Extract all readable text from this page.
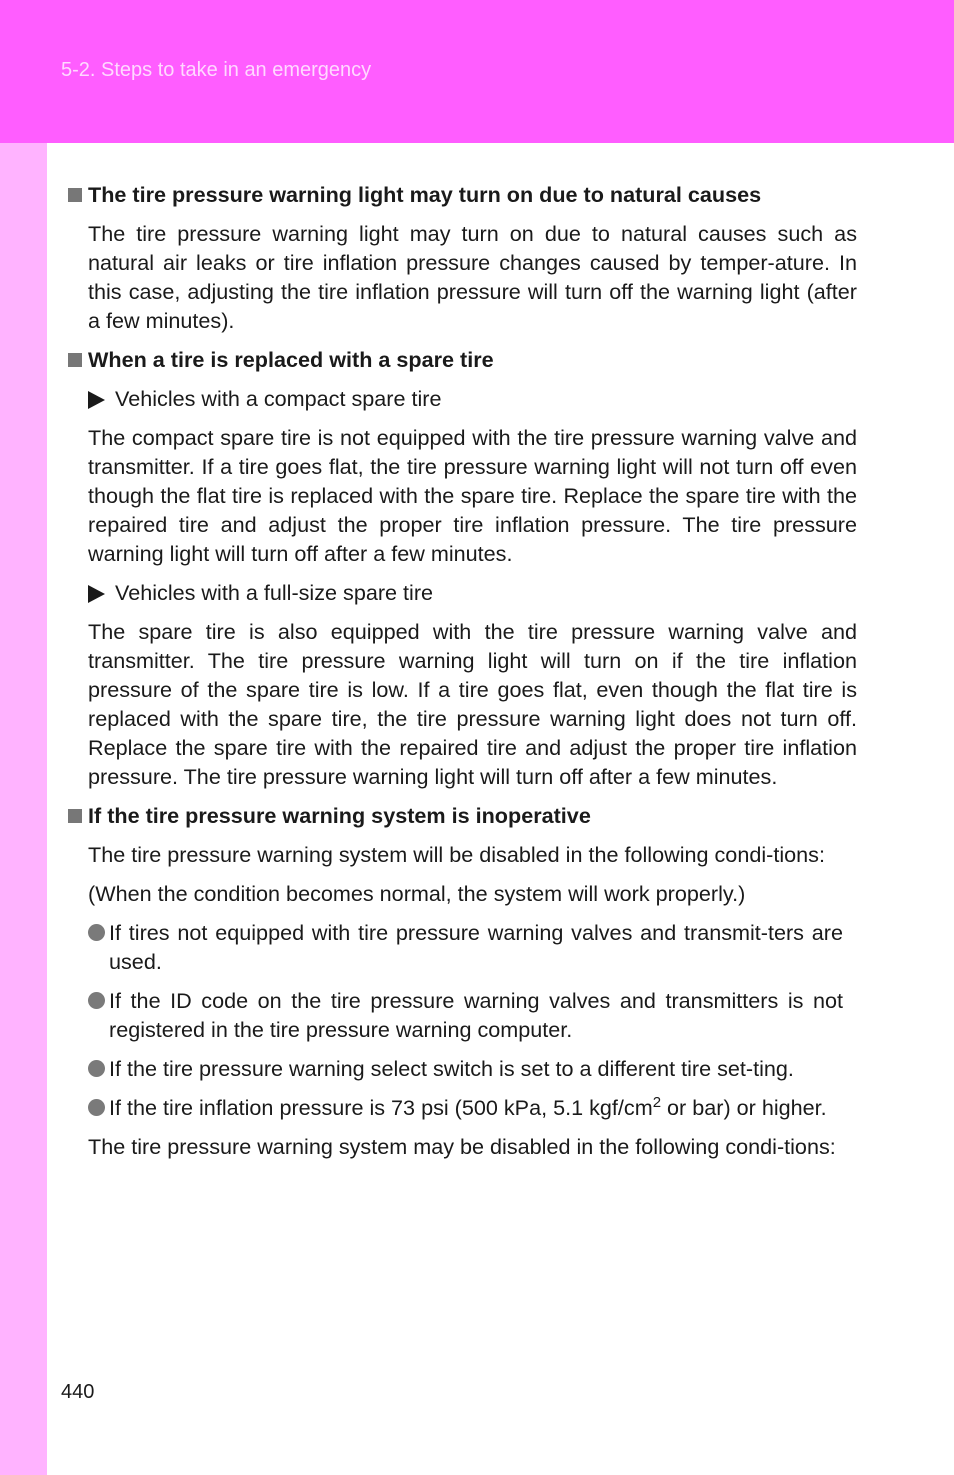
5-2. Steps to take in an emergency
The tire pressure warning light may turn on due to natural causes

The tire pressure warning light may turn on due to natural causes such as natural air leaks or tire inflation pressure changes caused by temper-ature. In this case, adjusting the tire inflation pressure will turn off the warning light (after a few minutes).

When a tire is replaced with a spare tire
Vehicles with a compact spare tire

The compact spare tire is not equipped with the tire pressure warning valve and transmitter. If a tire goes flat, the tire pressure warning light will not turn off even though the flat tire is replaced with the spare tire. Replace the spare tire with the repaired tire and adjust the proper tire inflation pressure. The tire pressure warning light will turn off after a few minutes.

Vehicles with a full-size spare tire

The spare tire is also equipped with the tire pressure warning valve and transmitter. The tire pressure warning light will turn on if the tire inflation pressure of the spare tire is low. If a tire goes flat, even though the flat tire is replaced with the spare tire, the tire pressure warning light does not turn off. Replace the spare tire with the repaired tire and adjust the proper tire inflation pressure. The tire pressure warning light will turn off after a few minutes.

If the tire pressure warning system is inoperative

The tire pressure warning system will be disabled in the following condi-tions:

(When the condition becomes normal, the system will work properly.)

If tires not equipped with tire pressure warning valves and transmit-ters are used.
If the ID code on the tire pressure warning valves and transmitters is not registered in the tire pressure warning computer.
If the tire pressure warning select switch is set to a different tire set-ting.
If the tire inflation pressure is 73 psi (500 kPa, 5.1 kgf/$cm^2$ or bar) or higher.

The tire pressure warning system may be disabled in the following condi-tions:

440
